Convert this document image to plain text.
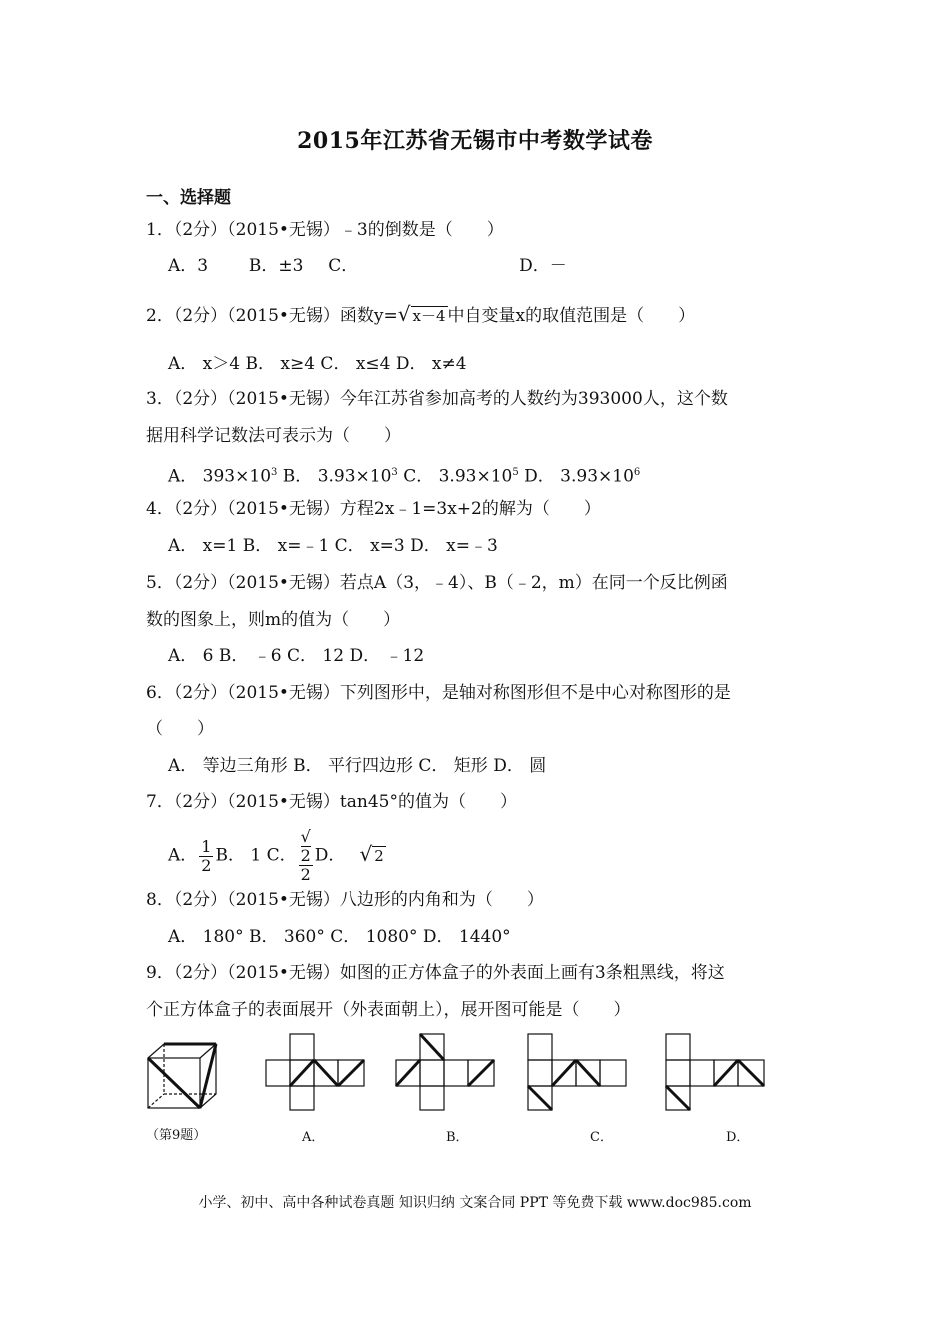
2015年江苏省无锡市中考数学试卷
一、选择题
1．（2分）（2015•无锡）﹣3的倒数是（　　）
A．3 B．±3 C．	D．－
2．（2分）（2015•无锡）函数y=√ x－4 中自变量x的取值范围是（　　）
A． x＞4 B． x≥4 C． x≤4 D． x≠4
3．（2分）（2015•无锡）今年江苏省参加高考的人数约为393000人，这个数
据用科学记数法可表示为（　　）
A． $393\times 10^3$ B． $3.93\times 10^3$ C． $3.93\times 10^5$ D． $3.93\times 10^6$
4．（2分）（2015•无锡）方程2x﹣1=3x+2的解为（　　）
A． x=1 B． x=﹣1 C． x=3 D． x=﹣3
5．（2分）（2015•无锡）若点A（3，﹣4）、B（﹣2，m）在同一个反比例函
数的图象上，则m的值为（　　）
A． 6 B． ﹣6 C． 12 D． ﹣12
6．（2分）（2015•无锡）下列图形中，是轴对称图形但不是中心对称图形的是
（　　）
A． 等边三角形 B． 平行四边形 C． 矩形 D． 圆
7．（2分）（2015•无锡）tan45°的值为（　　）
A． $\frac{1}{2}$ B． 1 C． √
2
2 D． √ 2
8．（2分）（2015•无锡）八边形的内角和为（　　）
A． 180° B． 360° C． 1080° D． 1440°
9．（2分）（2015•无锡）如图的正方体盒子的外表面上画有3条粗黑线，将这
个正方体盒子的表面展开（外表面朝上），展开图可能是（　　）
（第9题）	A．	B．	C．	D．
小学、初中、高中各种试卷真题 知识归纳 文案合同 PPT 等免费下载 www.doc985.com
